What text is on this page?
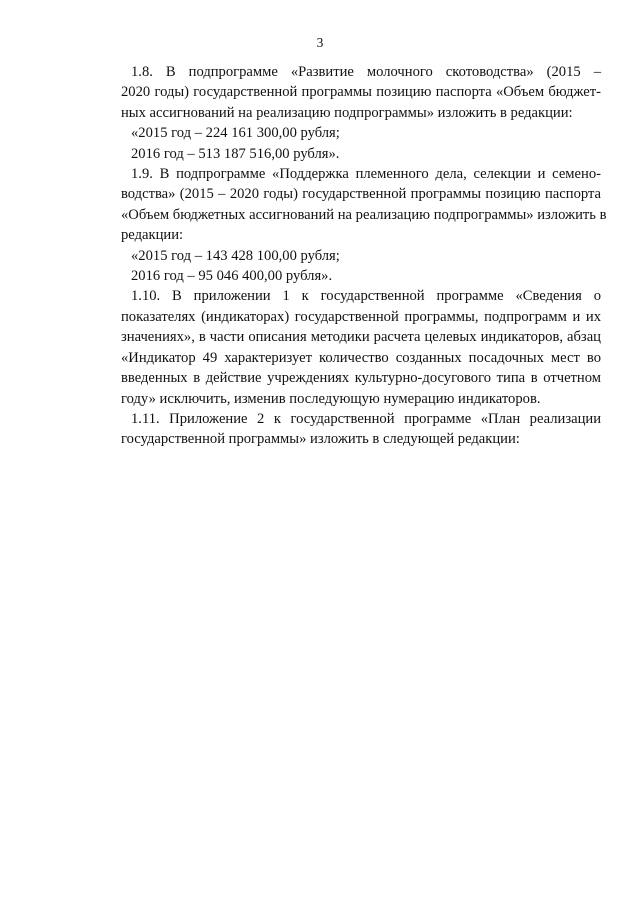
3
1.8. В подпрограмме «Развитие молочного скотоводства» (2015 –
2020 годы) государственной программы позицию паспорта «Объем бюджет-
ных ассигнований на реализацию подпрограммы» изложить в редакции:

«2015 год – 224 161 300,00 рубля;

2016 год – 513 187 516,00 рубля».

1.9. В подпрограмме «Поддержка племенного дела, селекции и семено-
водства» (2015 – 2020 годы) государственной программы позицию паспорта
«Объем бюджетных ассигнований на реализацию подпрограммы» изложить в
редакции:

«2015 год – 143 428 100,00 рубля;

2016 год – 95 046 400,00 рубля».

1.10. В приложении 1 к государственной программе «Сведения о
показателях (индикаторах) государственной программы, подпрограмм и их
значениях», в части описания методики расчета целевых индикаторов, абзац
«Индикатор 49 характеризует количество созданных посадочных мест во
введенных в действие учреждениях культурно-досугового типа в отчетном
году» исключить, изменив последующую нумерацию индикаторов.
1.11. Приложение 2 к государственной программе «План реализации
государственной программы» изложить в следующей редакции:
